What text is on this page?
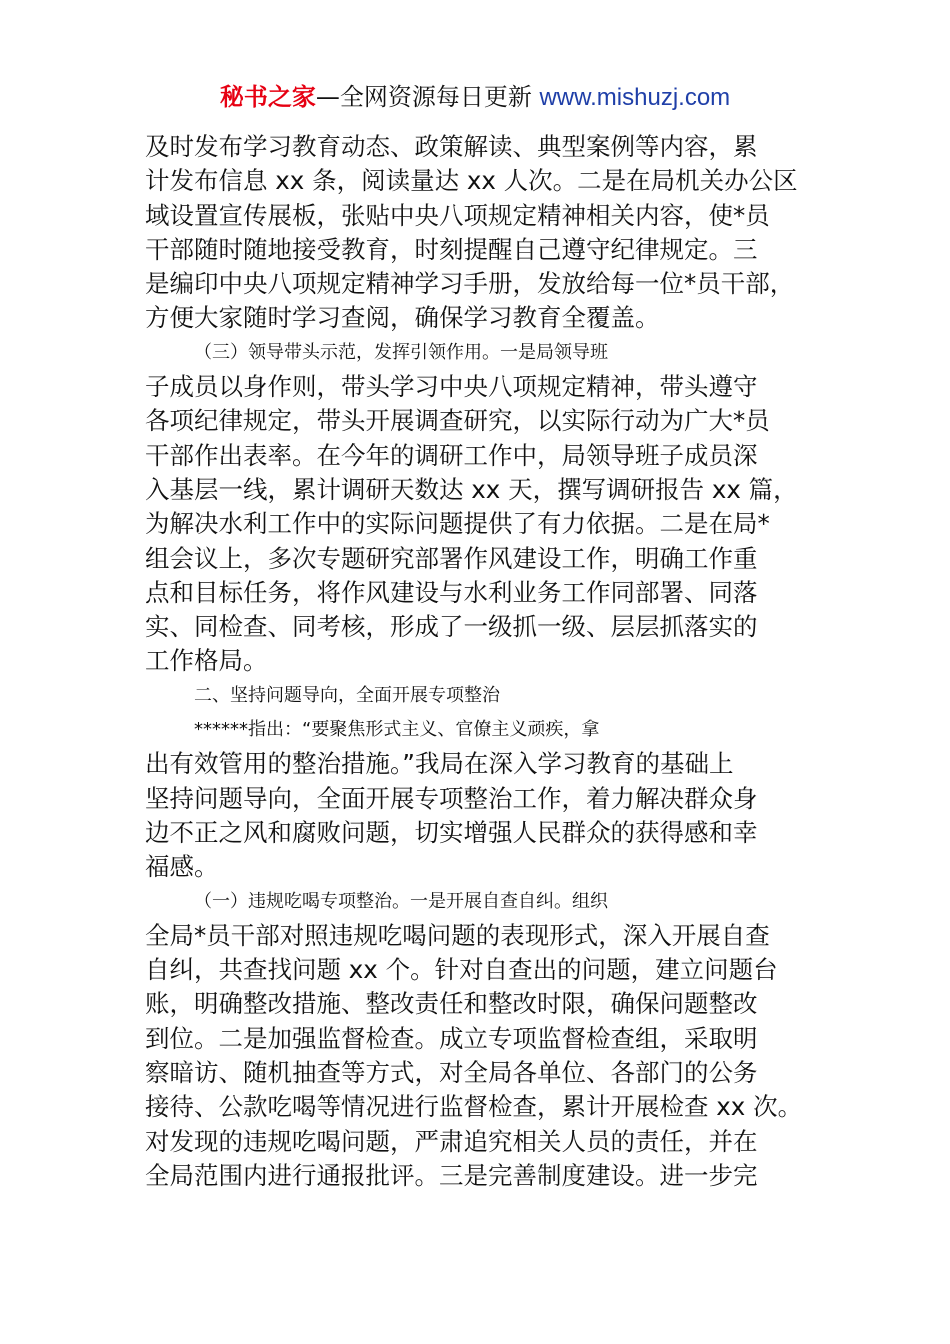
秘书之家—全网资源每日更新 www.mishuzj.com
及时发布学习教育动态、政策解读、典型案例等内容，累
计发布信息 xx 条，阅读量达 xx 人次。二是在局机关办公区
域设置宣传展板，张贴中央八项规定精神相关内容，使*员
干部随时随地接受教育，时刻提醒自己遵守纪律规定。三
是编印中央八项规定精神学习手册，发放给每一位*员干部，
方便大家随时学习查阅，确保学习教育全覆盖。
（三）领导带头示范，发挥引领作用。一是局领导班
子成员以身作则，带头学习中央八项规定精神，带头遵守
各项纪律规定，带头开展调查研究，以实际行动为广大*员
干部作出表率。在今年的调研工作中，局领导班子成员深
入基层一线，累计调研天数达 xx 天，撰写调研报告 xx 篇，
为解决水利工作中的实际问题提供了有力依据。二是在局*
组会议上，多次专题研究部署作风建设工作，明确工作重
点和目标任务，将作风建设与水利业务工作同部署、同落
实、同检查、同考核，形成了一级抓一级、层层抓落实的
工作格局。
二、坚持问题导向，全面开展专项整治
******指出：“要聚焦形式主义、官僚主义顽疾，拿
出有效管用的整治措施。”我局在深入学习教育的基础上
坚持问题导向，全面开展专项整治工作，着力解决群众身
边不正之风和腐败问题，切实增强人民群众的获得感和幸
福感。
（一）违规吃喝专项整治。一是开展自查自纠。组织
全局*员干部对照违规吃喝问题的表现形式，深入开展自查
自纠，共查找问题 xx 个。针对自查出的问题，建立问题台
账，明确整改措施、整改责任和整改时限，确保问题整改
到位。二是加强监督检查。成立专项监督检查组，采取明
察暗访、随机抽查等方式，对全局各单位、各部门的公务
接待、公款吃喝等情况进行监督检查，累计开展检查 xx 次。
对发现的违规吃喝问题，严肃追究相关人员的责任，并在
全局范围内进行通报批评。三是完善制度建设。进一步完
